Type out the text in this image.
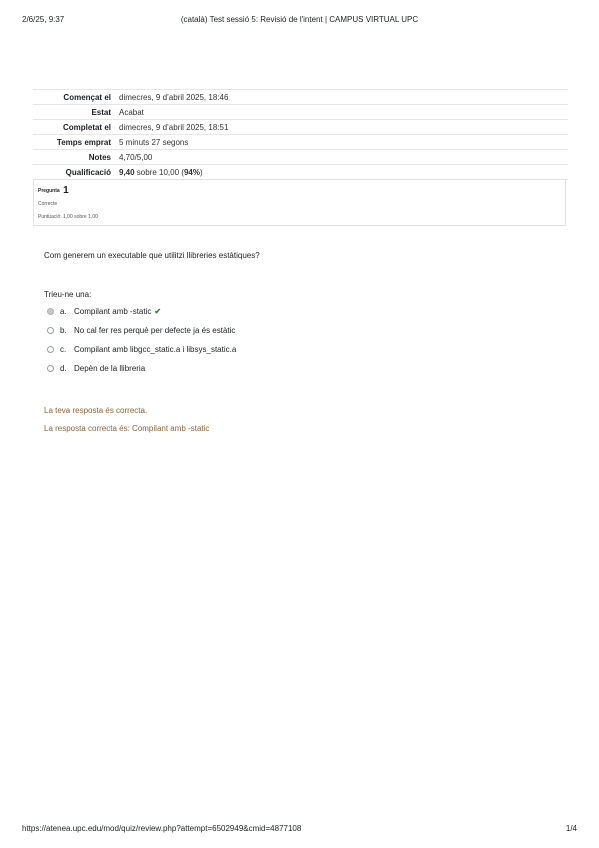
2/6/25, 9:37	(català) Test sessió 5: Revisió de l'intent | CAMPUS VIRTUAL UPC
Començat el	dimecres, 9 d’abril 2025, 18:46
Estat	Acabat
Completat el	dimecres, 9 d’abril 2025, 18:51
Temps emprat	5 minuts 27 segons
Notes	4,70/5,00
Qualificació	9,40 sobre 10,00 (94%)
Pregunta 1
Correcte
Puntuació: 1,00 sobre 1,00
Com generem un executable que utilitzi llibreries estàtiques?
Trieu-ne una:
a. Compilant amb -static ✔
b. No cal fer res perquè per defecte ja és estàtic
c. Compilant amb libgcc_static.a i libsys_static.a
d. Depèn de la llibreria
La teva resposta és correcta.
La resposta correcta és: Compilant amb -static
https://atenea.upc.edu/mod/quiz/review.php?attempt=6502949&cmid=4877108	1/4
